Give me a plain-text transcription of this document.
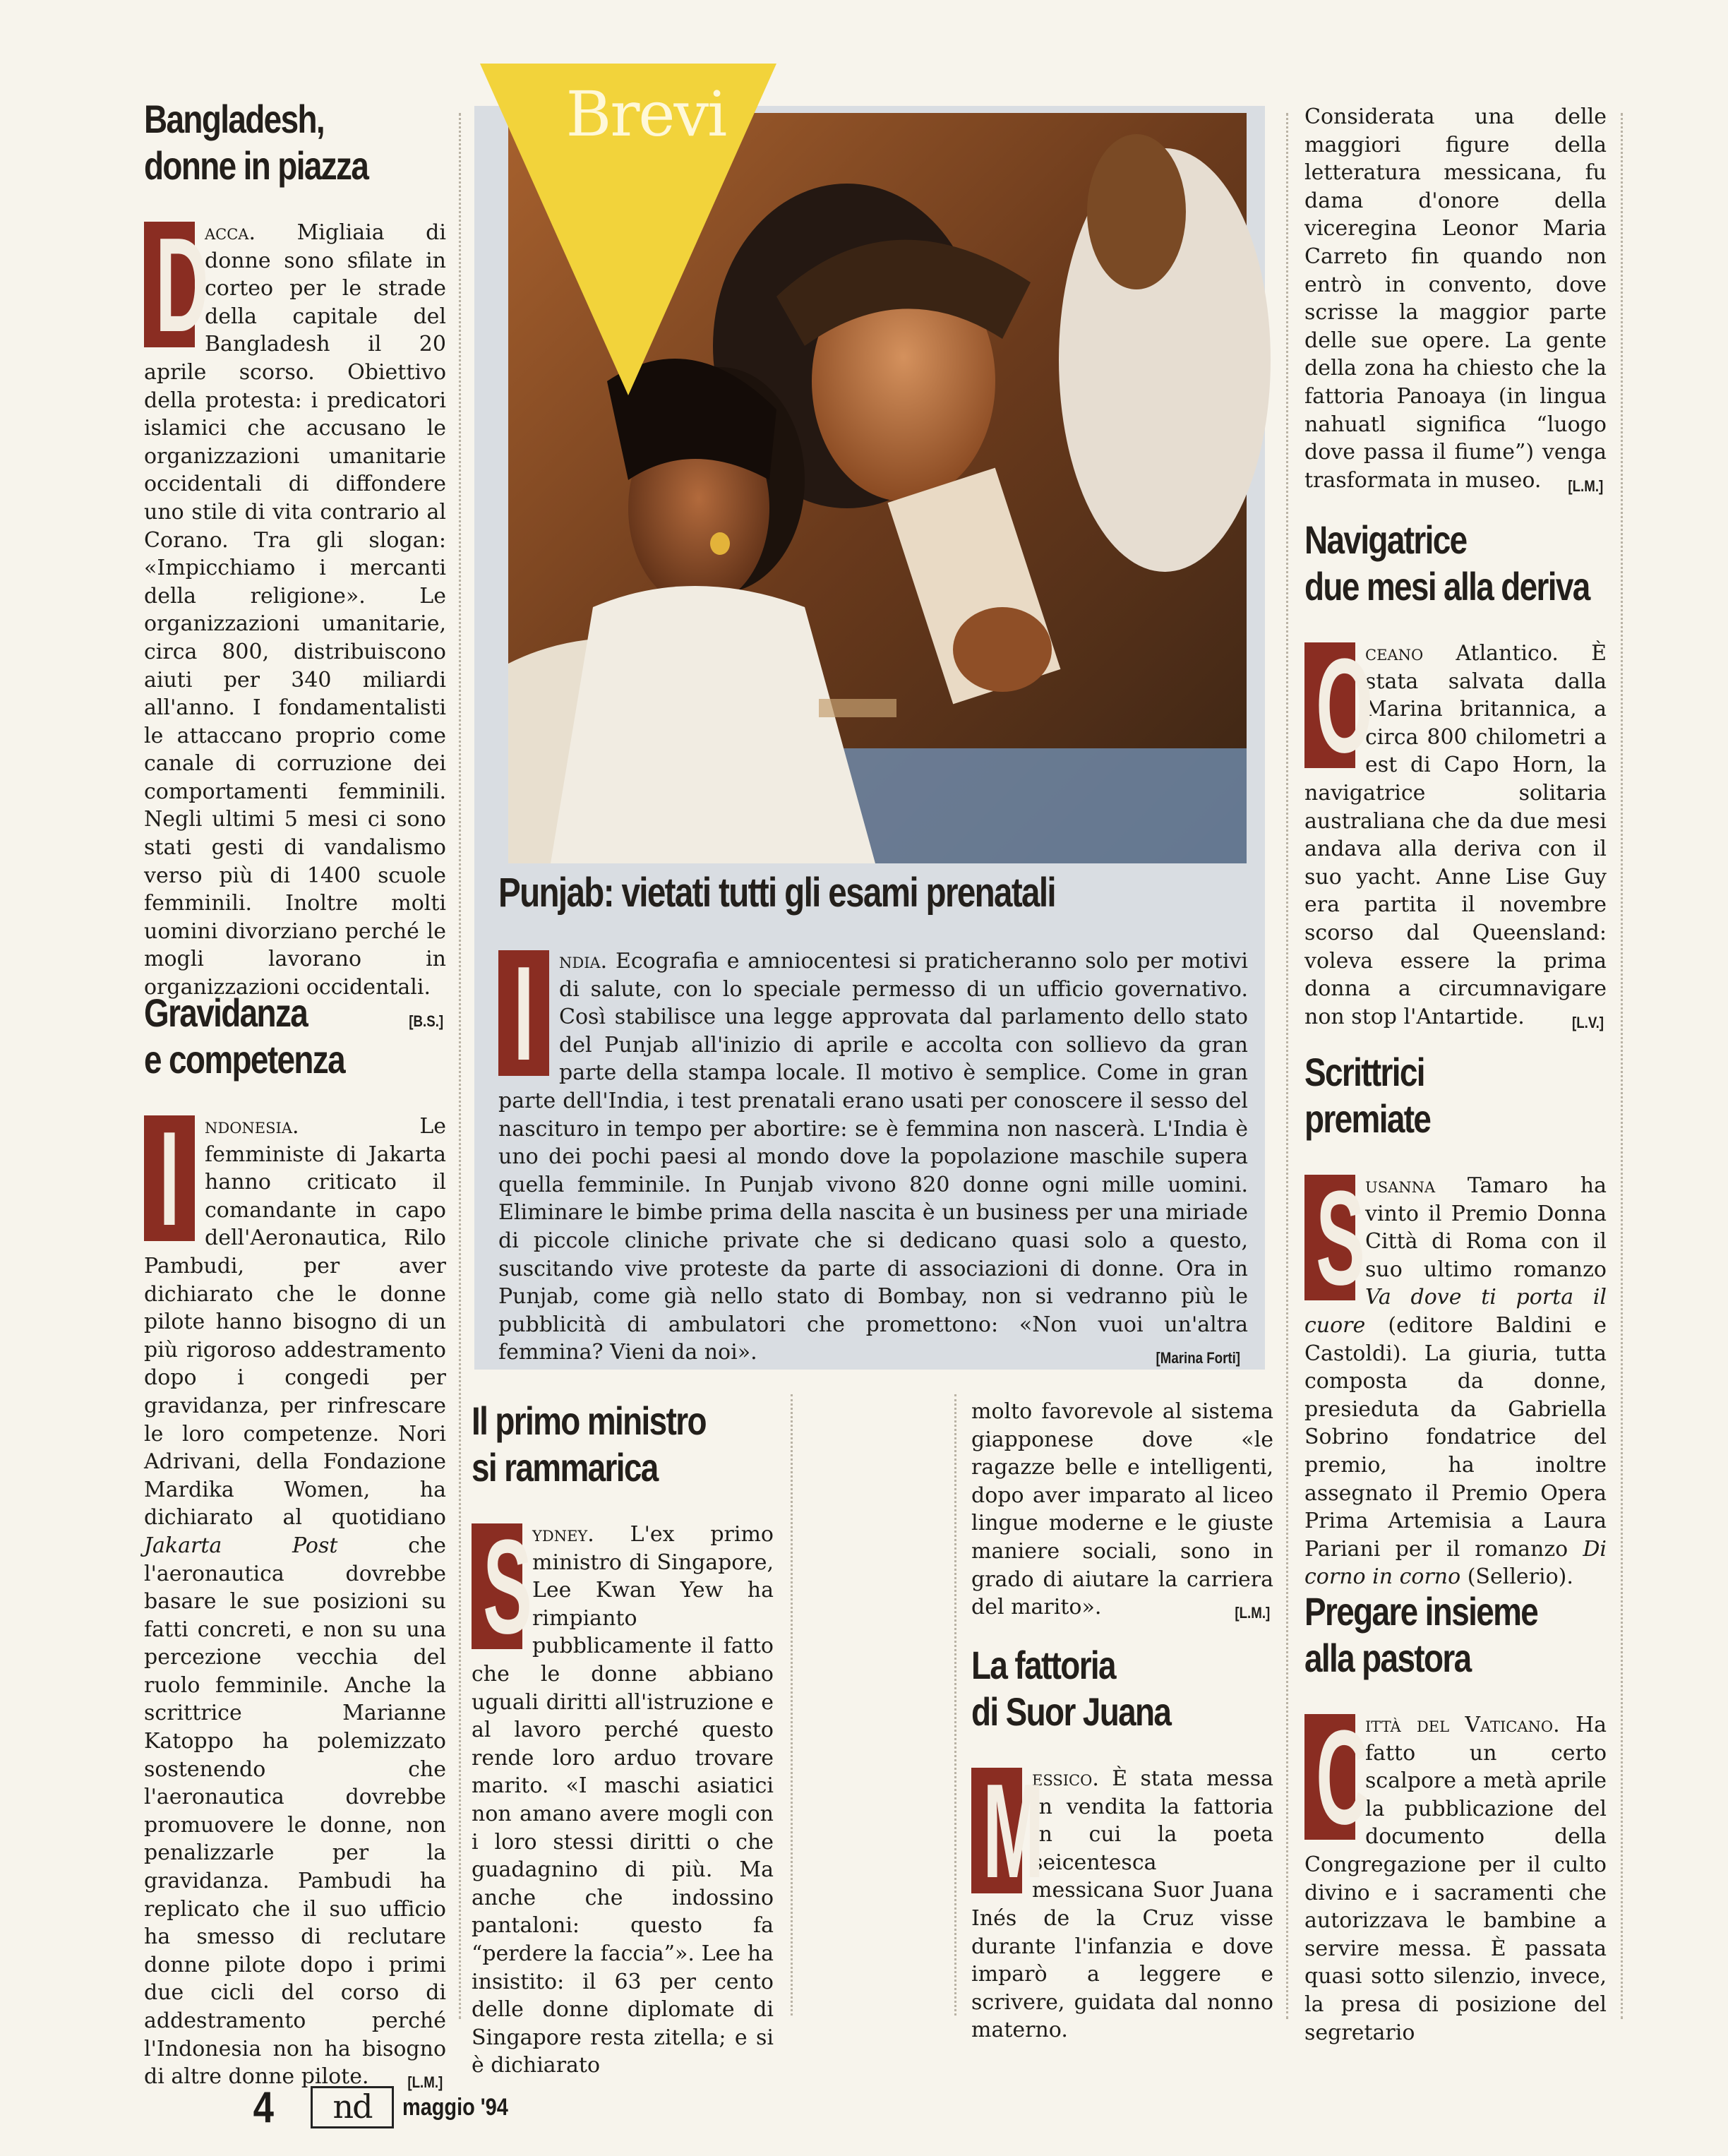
Bangladesh,
donne in piazza

D
acca. Migliaia di donne sono sfilate in corteo per le strade della capitale del Bangladesh il 20 aprile scorso. Obiettivo della protesta: i predicatori islamici che accusano le organizzazioni umanitarie occidentali di diffondere uno stile di vita contrario al Corano. Tra gli slogan: «Impicchiamo i mercanti della religione». Le organizzazioni umanitarie, circa 800, distribuiscono aiuti per 340 miliardi all'anno. I fondamentalisti le attaccano proprio come canale di corruzione dei comportamenti femminili. Negli ultimi 5 mesi ci sono stati gesti di vandalismo verso più di 1400 scuole femminili. Inoltre molti uomini divorziano perché le mogli lavorano in organizzazioni occidentali.
[B.S.]

Gravidanza
e competenza

I ndonesia.	Le femministe di Jakarta hanno criticato il comandante in capo dell'Aeronautica, Rilo Pambudi, per aver dichiarato che le donne pilote hanno bisogno di un più rigoroso addestramento dopo i congedi per gravidanza, per rinfrescare le loro competenze. Nori Adrivani, della Fondazione Mardika Women, ha dichiarato al quotidiano Jakarta Post che l'aeronautica dovrebbe basare le sue posizioni su fatti concreti, e non su una percezione vecchia del ruolo femminile. Anche la scrittrice Marianne Katoppo ha polemizzato sostenendo che l'aeronautica dovrebbe promuovere le donne, non penalizzarle per la gravidanza. Pambudi ha replicato che il suo ufficio ha smesso di reclutare donne pilote dopo i primi due cicli del corso di addestramento perché l'Indonesia non ha bisogno di altre donne pilote.	[L.M.]

Brevi
Punjab: vietati tutti gli esami prenatali

I ndia. Ecografia e amniocentesi si praticheranno solo per motivi di salute, con lo speciale permesso di un ufficio governativo. Così stabilisce una legge approvata dal parlamento dello stato del Punjab all'inizio di aprile e accolta con sollievo da gran parte della stampa locale. Il motivo è semplice. Come in gran parte dell'India, i test prenatali erano usati per conoscere il sesso del nascituro in tempo per abortire: se è femmina non nascerà. L'India è uno dei pochi paesi al mondo dove la popolazione maschile supera quella femminile. In Punjab vivono 820 donne ogni mille uomini. Eliminare le bimbe prima della nascita è un business per una miriade di piccole cliniche private che si dedicano quasi solo a questo, suscitando vive proteste da parte di associazioni di donne. Ora in Punjab, come già nello stato di Bombay, non si vedranno più le pubblicità di ambulatori che promettono: «Non vuoi un'altra femmina? Vieni da noi».	[Marina Forti]

Il primo ministro
si rammarica

S ydney. L'ex primo ministro di Singapore, Lee Kwan Yew ha rimpianto pubblicamente il fatto che le donne abbiano uguali diritti all'istruzione e al lavoro perché questo rende loro arduo trovare marito. «I maschi asiatici non amano avere mogli con i loro stessi diritti o che guadagnino di più. Ma anche che indossino pantaloni: questo fa “perdere la faccia”». Lee ha insistito: il 63 per cento delle donne diplomate di Singapore resta zitella; e si è dichiarato

molto favorevole al sistema giapponese dove «le ragazze belle e intelligenti, dopo aver imparato al liceo lingue moderne e le giuste maniere sociali, sono in grado di aiutare la carriera del marito».	[L.M.]

La fattoria
di Suor Juana

M
essico. È stata messa in vendita la fattoria in cui la poeta seicentesca messicana Suor Juana Inés de la Cruz visse durante l'infanzia e dove imparò a leggere e scrivere, guidata dal nonno materno.

Considerata una delle maggiori figure della letteratura messicana, fu dama d'onore della viceregina Leonor Maria Carreto fin quando non entrò in convento, dove scrisse la maggior parte delle sue opere. La gente della zona ha chiesto che la fattoria Panoaya (in lingua nahuatl significa “luogo dove passa il fiume”) venga trasformata in museo. [L.M.]

Navigatrice
due mesi alla deriva

O
ceano Atlantico. È stata salvata dalla Marina britannica, a circa 800 chilometri a est di Capo Horn, la navigatrice solitaria australiana che da due mesi andava alla deriva con il suo yacht. Anne Lise Guy era partita il novembre scorso dal Queensland: voleva essere la prima donna a circumnavigare non stop l'Antartide.	[L.V.]

Scrittrici
premiate

S usanna Tamaro ha vinto il Premio Donna Città di Roma con il suo ultimo romanzo Va dove ti porta il cuore (editore Baldini e Castoldi). La giuria, tutta composta da donne, presieduta da Gabriella Sobrino fondatrice del premio, ha inoltre assegnato il Premio Opera Prima Artemisia a Laura Pariani per il romanzo Di corno in corno (Sellerio).

Pregare insieme
alla pastora

C
ittà del Vaticano. Ha fatto un certo scalpore a metà aprile la pubblicazione del documento della Congregazione per il culto divino e i sacramenti che autorizzava le bambine a servire messa. È passata quasi sotto silenzio, invece, la presa di posizione del segretario

4	nd	maggio '94
